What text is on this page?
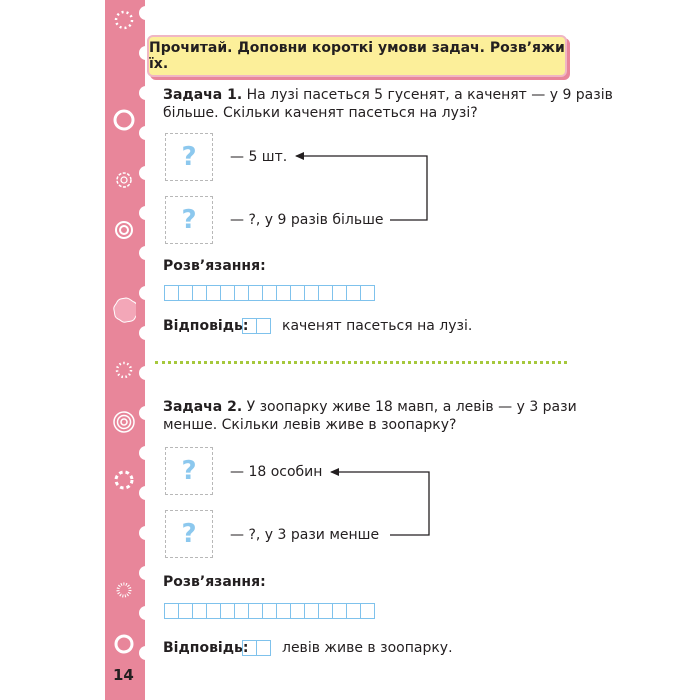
14
Прочитай. Доповни короткі умови задач. Розв’яжи їх.
Задача 1. На лузі пасеться 5 гусенят, а каченят — у 9 разів
більше. Скільки каченят пасеться на лузі?
? — 5 шт.
? — ?, у 9 разів більше
Розв’язання:
Відповідь: каченят пасеться на лузі.
Задача 2. У зоопарку живе 18 мавп, а левів — у 3 рази
менше. Скільки левів живе в зоопарку?
? — 18 особин
? — ?, у 3 рази менше
Розв’язання:
Відповідь: левів живе в зоопарку.
